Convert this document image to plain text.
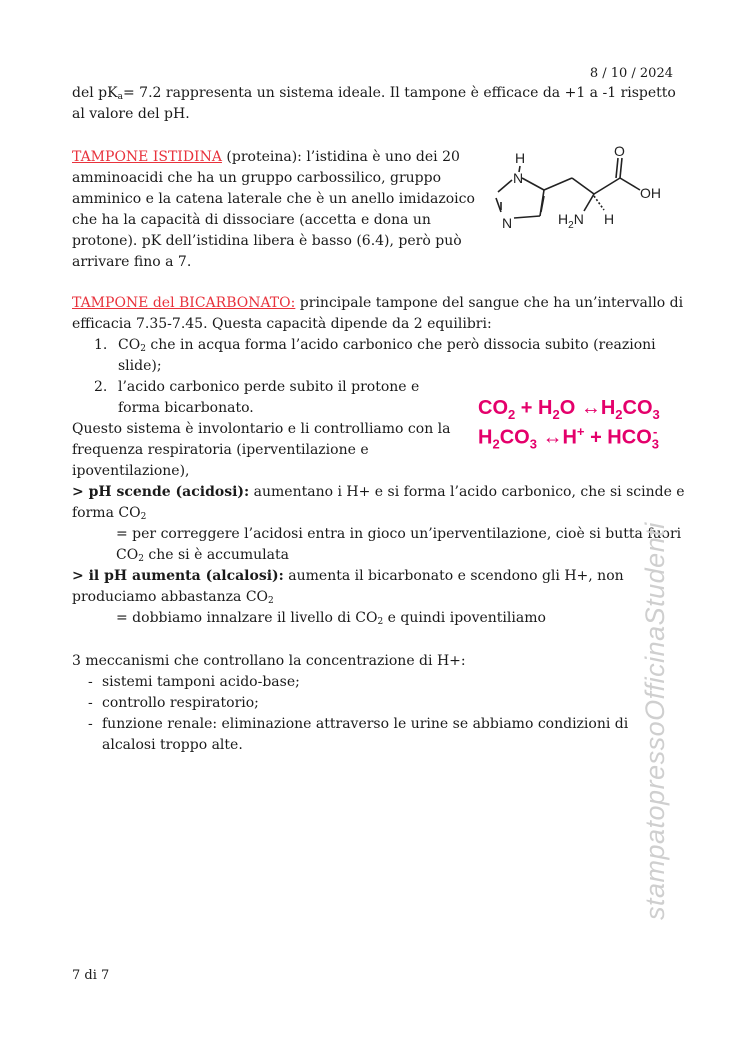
8 / 10 / 2024
del $pK_a= 7.2$ rappresenta un sistema ideale. Il tampone è efficace da +1 a -1 rispetto
al valore del pH.
TAMPONE ISTIDINA (proteina): l’istidina è uno dei 20
amminoacidi che ha un gruppo carbossilico, gruppo
amminico e la catena laterale che è un anello imidazoico
che ha la capacità di dissociare (accetta e dona un
protone). pK dell’istidina libera è basso (6.4), però può
arrivare fino a 7.
H
N
N
O
OH
$H_2N$ H
TAMPONE del BICARBONATO: principale tampone del sangue che ha un’intervallo di
efficacia 7.35-7.45. Questa capacità dipende da 2 equilibri:
1. $CO_2$ che in acqua forma l’acido carbonico che però dissocia subito (reazioni
slide);
2. l’acido carbonico perde subito il protone e
forma bicarbonato.	$CO_2 + H_2O$ $\leftrightarrow H_2CO_3$
$H_2CO_3$ ↔H+ + $HCO_3^-$
Questo sistema è involontario e li controlliamo con la
frequenza respiratoria (iperventilazione e
ipoventilazione),
> pH scende (acidosi): aumentano i H+ e si forma l’acido carbonico, che si scinde e
forma $CO_2$
= per correggere l’acidosi entra in gioco un’iperventilazione, cioè si butta fuori
$CO_2$ che si è accumulata
> il pH aumenta (alcalosi): aumenta il bicarbonato e scendono gli H+, non
produciamo abbastanza $CO_2$
= dobbiamo innalzare il livello di $CO_2$ e quindi ipoventiliamo
3 meccanismi che controllano la concentrazione di H+:
- sistemi tamponi acido-base;
- controllo respiratorio;
- funzione renale: eliminazione attraverso le urine se abbiamo condizioni di
alcalosi troppo alte.	stampatopressoOfficinaStudenti
7 di 7
